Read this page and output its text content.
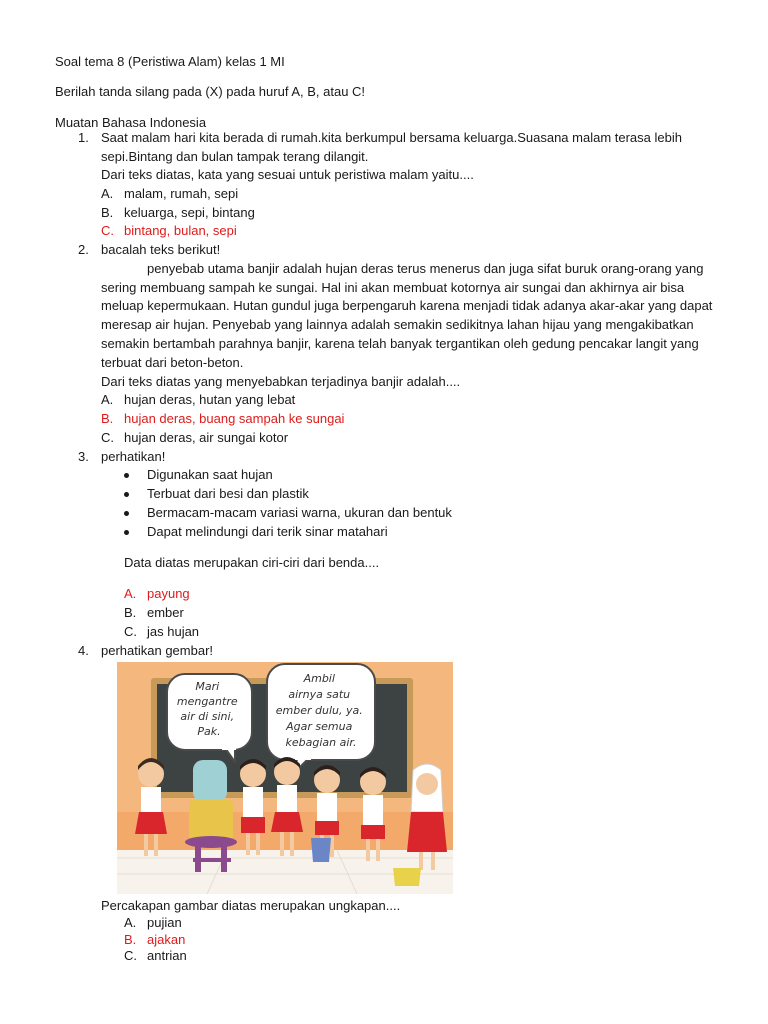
Soal tema 8 (Peristiwa Alam) kelas 1 MI
Berilah tanda silang pada (X) pada huruf A, B, atau C!
Muatan Bahasa Indonesia
1. Saat malam hari kita berada di rumah.kita berkumpul bersama keluarga.Suasana malam terasa lebih
sepi.Bintang dan bulan tampak terang dilangit.
Dari teks diatas, kata yang sesuai untuk peristiwa malam yaitu....
A. malam, rumah, sepi
B. keluarga, sepi, bintang
C. bintang, bulan, sepi
2. bacalah teks berikut!
penyebab utama banjir adalah hujan deras terus menerus dan juga sifat buruk orang-orang yang
sering membuang sampah ke sungai. Hal ini akan membuat kotornya air sungai dan akhirnya air bisa
meluap kepermukaan. Hutan gundul juga berpengaruh karena menjadi tidak adanya akar-akar yang dapat
meresap air hujan. Penyebab yang lainnya adalah semakin sedikitnya lahan hijau yang mengakibatkan
semakin bertambah parahnya banjir, karena telah banyak tergantikan oleh gedung pencakar langit yang
terbuat dari beton-beton.
Dari teks diatas yang menyebabkan terjadinya banjir adalah....
A. hujan deras, hutan yang lebat
B. hujan deras, buang sampah ke sungai
C. hujan deras, air sungai kotor
3. perhatikan!
Digunakan saat hujan
Terbuat dari besi dan plastik
Bermacam-macam variasi warna, ukuran dan bentuk
Dapat melindungi dari terik sinar matahari
Data diatas merupakan ciri-ciri dari benda....
A. payung
B. ember
C. jas hujan
4. perhatikan gembar!
Mari mengantre air di sini, Pak.
Ambil airnya satu ember dulu, ya. Agar semua kebagian air.
Percakapan gambar diatas merupakan ungkapan....
A. pujian
B. ajakan
C. antrian
